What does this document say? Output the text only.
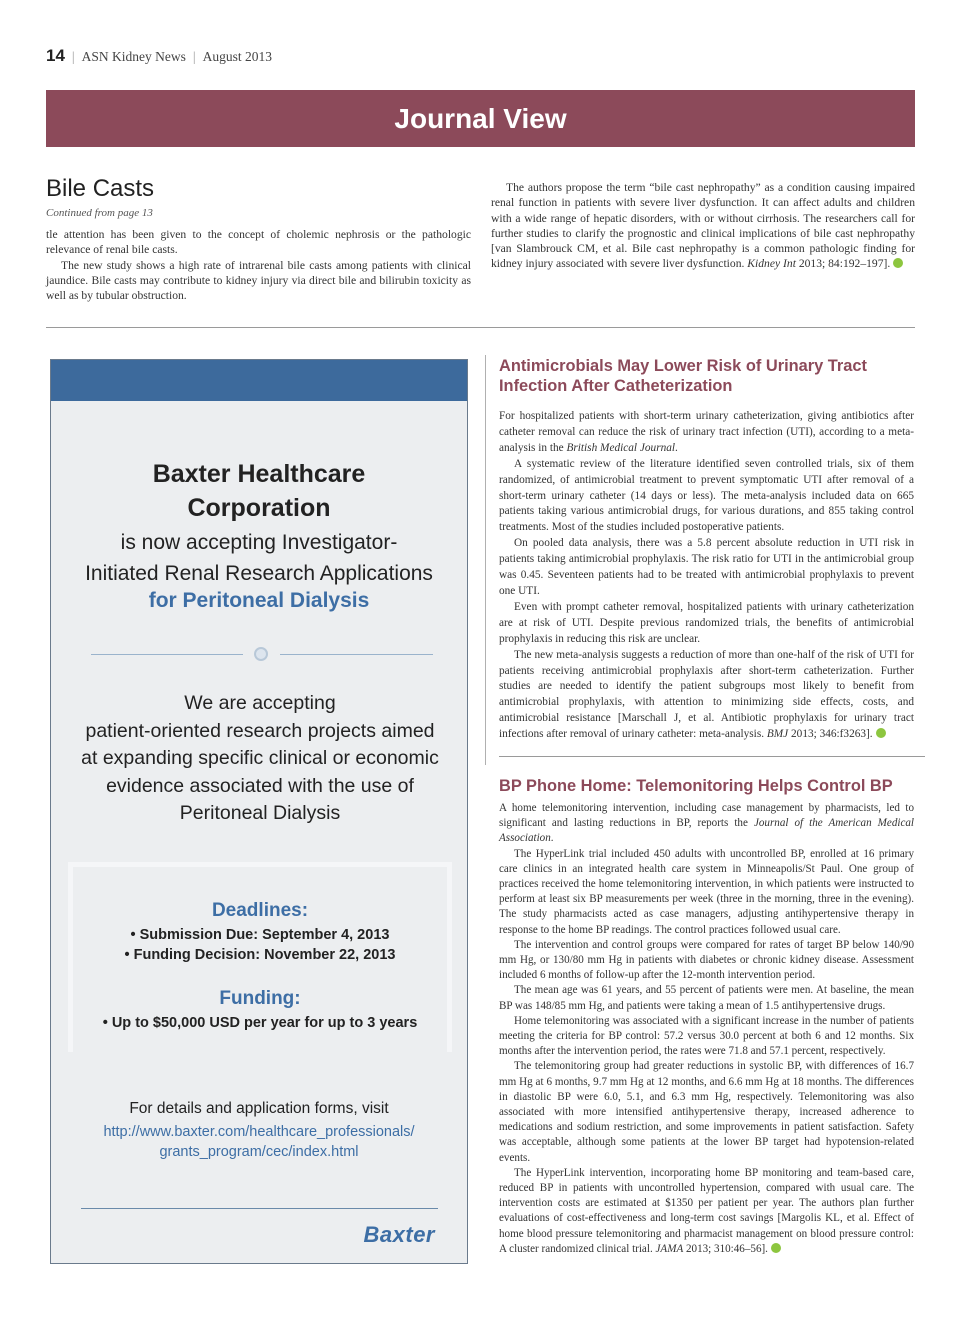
14 | ASN Kidney News | August 2013
Journal View
Bile Casts
Continued from page 13

tle attention has been given to the concept of cholemic nephrosis or the pathologic relevance of renal bile casts.

The new study shows a high rate of intrarenal bile casts among patients with clinical jaundice. Bile casts may contribute to kidney injury via direct bile and bilirubin toxicity as well as by tubular obstruction.

The authors propose the term “bile cast nephropathy” as a condition causing impaired renal function in patients with severe liver dysfunction. It can affect adults and children with a wide range of hepatic disorders, with or without cirrhosis. The researchers call for further studies to clarify the prognostic and clinical implications of bile cast nephropathy [van Slambrouck CM, et al. Bile cast nephropathy is a common pathologic finding for kidney injury associated with severe liver dysfunction. Kidney Int 2013; 84:192–197].

Baxter Healthcare Corporation
is now accepting Investigator-
Initiated Renal Research Applications
for Peritoneal Dialysis
We are accepting
patient-oriented research projects aimed
at expanding specific clinical or economic
evidence associated with the use of
Peritoneal Dialysis
Deadlines:
• Submission Due: September 4, 2013
• Funding Decision: November 22, 2013
Funding:
• Up to $50,000 USD per year for up to 3 years
For details and application forms, visit
http://www.baxter.com/healthcare_professionals/
grants_program/cec/index.html
Baxter
Antimicrobials May Lower Risk of Urinary Tract Infection After Catheterization

For hospitalized patients with short-term urinary catheterization, giving antibiotics after catheter removal can reduce the risk of urinary tract infection (UTI), according to a meta-analysis in the British Medical Journal.

A systematic review of the literature identified seven controlled trials, six of them randomized, of antimicrobial treatment to prevent symptomatic UTI after removal of a short-term urinary catheter (14 days or less). The meta-analysis included data on 665 patients taking various antimicrobial drugs, for various durations, and 855 taking control treatments. Most of the studies included postoperative patients.

On pooled data analysis, there was a 5.8 percent absolute reduction in UTI risk in patients taking antimicrobial prophylaxis. The risk ratio for UTI in the antimicrobial group was 0.45. Seventeen patients had to be treated with antimicrobial prophylaxis to prevent one UTI.

Even with prompt catheter removal, hospitalized patients with urinary catheterization are at risk of UTI. Despite previous randomized trials, the benefits of antimicrobial prophylaxis in reducing this risk are unclear.

The new meta-analysis suggests a reduction of more than one-half of the risk of UTI for patients receiving antimicrobial prophylaxis after short-term catheterization. Further studies are needed to identify the patient subgroups most likely to benefit from antimicrobial prophylaxis, with attention to minimizing side effects, costs, and antimicrobial resistance [Marschall J, et al. Antibiotic prophylaxis for urinary tract infections after removal of urinary catheter: meta-analysis. BMJ 2013; 346:f3263].

BP Phone Home: Telemonitoring Helps Control BP

A home telemonitoring intervention, including case management by pharmacists, led to significant and lasting reductions in BP, reports the Journal of the American Medical Association.

The HyperLink trial included 450 adults with uncontrolled BP, enrolled at 16 primary care clinics in an integrated health care system in Minneapolis/St Paul. One group of practices received the home telemonitoring intervention, in which patients were instructed to perform at least six BP measurements per week (three in the morning, three in the evening). The study pharmacists acted as case managers, adjusting antihypertensive therapy in response to the home BP readings. The control practices followed usual care.

The intervention and control groups were compared for rates of target BP below 140/90 mm Hg, or 130/80 mm Hg in patients with diabetes or chronic kidney disease. Assessment included 6 months of follow-up after the 12-month intervention period.

The mean age was 61 years, and 55 percent of patients were men. At baseline, the mean BP was 148/85 mm Hg, and patients were taking a mean of 1.5 antihypertensive drugs.

Home telemonitoring was associated with a significant increase in the number of patients meeting the criteria for BP control: 57.2 versus 30.0 percent at both 6 and 12 months. Six months after the intervention period, the rates were 71.8 and 57.1 percent, respectively.

The telemonitoring group had greater reductions in systolic BP, with differences of 16.7 mm Hg at 6 months, 9.7 mm Hg at 12 months, and 6.6 mm Hg at 18 months. The differences in diastolic BP were 6.0, 5.1, and 6.3 mm Hg, respectively. Telemonitoring was also associated with more intensified antihypertensive therapy, increased adherence to medications and sodium restriction, and some improvements in patient satisfaction. Safety was acceptable, although some patients at the lower BP target had hypotension-related events.

The HyperLink intervention, incorporating home BP monitoring and team-based care, reduced BP in patients with uncontrolled hypertension, compared with usual care. The intervention costs are estimated at $1350 per patient per year. The authors plan further evaluations of cost-effectiveness and long-term cost savings [Margolis KL, et al. Effect of home blood pressure telemonitoring and pharmacist management on blood pressure control: A cluster randomized clinical trial. JAMA 2013; 310:46–56].
